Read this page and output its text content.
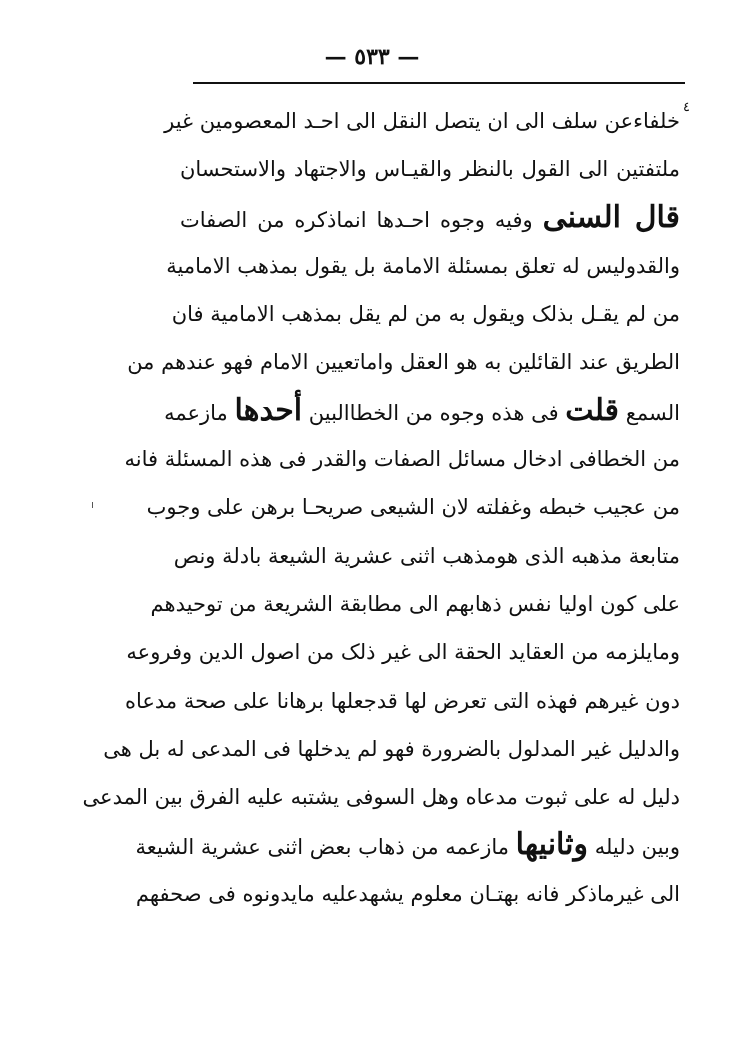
— ٥٣٣ —
٤
خلفاءعن سلف الی ان یتصل النقل الی احـد المعصومین غیر
ملتفتین الی القول بالنظر والقیـاس والاجتهاد والاستحسان
قال السنی وفیه وجوه احـدها انماذکره من الصفات
والقدولیس له تعلق بمسئلة الامامة بل یقول بمذهب الامامیة
من لم یقـل بذلک ویقول به من لم یقل بمذهب الامامیة فان
الطریق عند القائلین به هو العقل واماتعیین الامام فهو عندهم من
السمع قلت فی هذه وجوه من الخطاالبین أحدها مازعمه
من الخطافی ادخال مسائل الصفات والقدر فی هذه المسئلة فانه
من عجیب خبطه وغفلته لان الشیعی صریحـا برهن علی وجوب
متابعة مذهبه الذی هومذهب اثنی عشریة الشیعة بادلة ونص
علی کون اولیا نفس ذهابهم الی مطابقة الشریعة من توحیدهم
ومایلزمه من العقاید الحقة الی غیر ذلک من اصول الدین وفروعه
دون غیرهم فهذه التی تعرض لها قدجعلها برهانا علی صحة مدعاه
والدلیل غیر المدلول بالضرورة فهو لم یدخلها فی المدعی له بل هی
دلیل له علی ثبوت مدعاه وهل السوفی یشتبه علیه الفرق بین المدعی
وبین دلیله وثانیها مازعمه من ذهاب بعض اثنی عشریة الشیعة
الی غیرماذکر فانه بهتـان معلوم یشهدعلیه مایدونوه فی صحفهم
